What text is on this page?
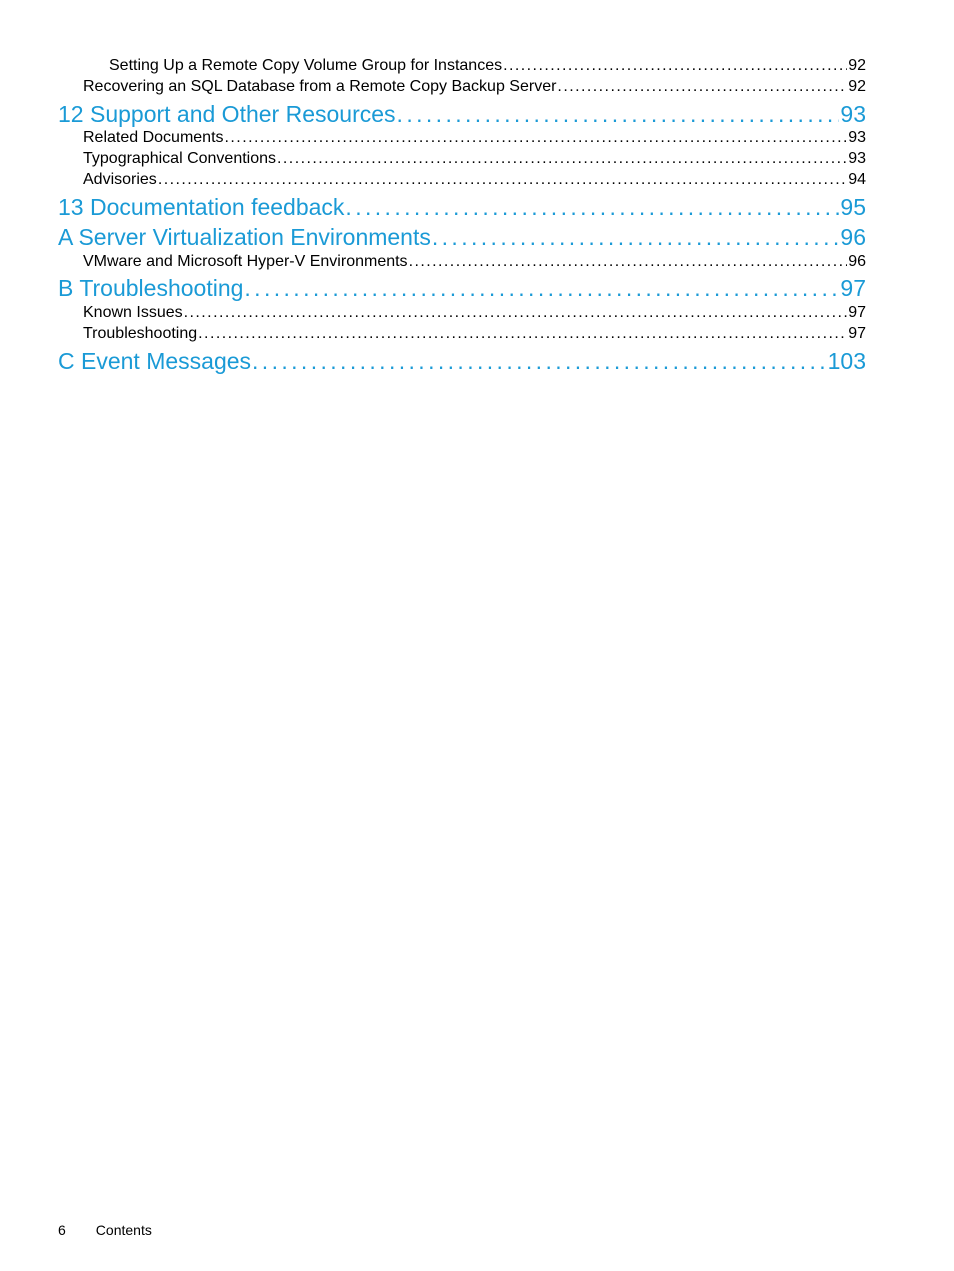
Setting Up a Remote Copy Volume Group for Instances . . .	92
Recovering an SQL Database from a Remote Copy Backup Server . . .	92
12 Support and Other Resources . . .	93
Related Documents . . .	93
Typographical Conventions . . .	93
Advisories . . .	94
13 Documentation feedback . . .	95
A Server Virtualization Environments . . .	96
VMware and Microsoft Hyper-V Environments . . .	96
B Troubleshooting . . .	97
Known Issues . . .	97
Troubleshooting . . .	97
C Event Messages . . .	103
6 Contents
